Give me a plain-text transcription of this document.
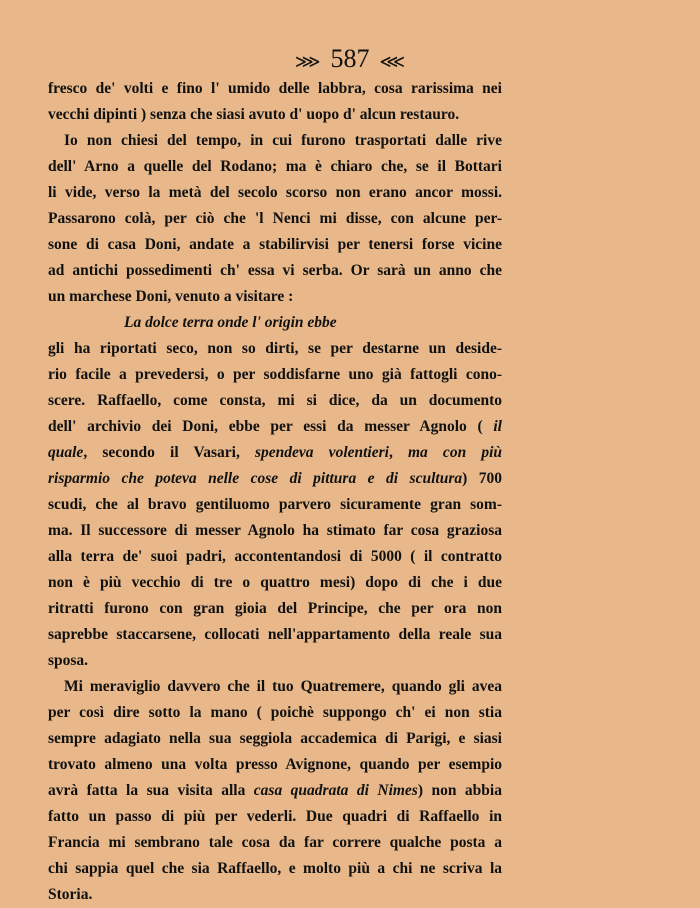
⋙ 587 ⋘
fresco de' volti e fino l' umido delle labbra, cosa rarissima nei
vecchi dipinti ) senza che siasi avuto d' uopo d' alcun restauro.
Io non chiesi del tempo, in cui furono trasportati dalle rive
dell' Arno a quelle del Rodano; ma è chiaro che, se il Bottari
li vide, verso la metà del secolo scorso non erano ancor mossi.
Passarono colà, per ciò che 'l Nenci mi disse, con alcune per-
sone di casa Doni, andate a stabilirvisi per tenersi forse vicine
ad antichi possedimenti ch' essa vi serba. Or sarà un anno che
un marchese Doni, venuto a visitare :
La dolce terra onde l' origin ebbe
gli ha riportati seco, non so dirti, se per destarne un deside-
rio facile a prevedersi, o per soddisfarne uno già fattogli cono-
scere. Raffaello, come consta, mi si dice, da un documento
dell' archivio dei Doni, ebbe per essi da messer Agnolo ( il
quale, secondo il Vasari, spendeva volentieri, ma con più
risparmio che poteva nelle cose di pittura e di scultura) 700
scudi, che al bravo gentiluomo parvero sicuramente gran som-
ma. Il successore di messer Agnolo ha stimato far cosa graziosa
alla terra de' suoi padri, accontentandosi di 5000 ( il contratto
non è più vecchio di tre o quattro mesi) dopo di che i due
ritratti furono con gran gioia del Principe, che per ora non
saprebbe staccarsene, collocati nell'appartamento della reale sua
sposa.
Mi meraviglio davvero che il tuo Quatremere, quando gli avea
per così dire sotto la mano ( poichè suppongo ch' ei non stia
sempre adagiato nella sua seggiola accademica di Parigi, e siasi
trovato almeno una volta presso Avignone, quando per esempio
avrà fatta la sua visita alla casa quadrata di Nimes) non abbia
fatto un passo di più per vederli. Due quadri di Raffaello in
Francia mi sembrano tale cosa da far correre qualche posta a
chi sappia quel che sia Raffaello, e molto più a chi ne scriva la
Storia.
